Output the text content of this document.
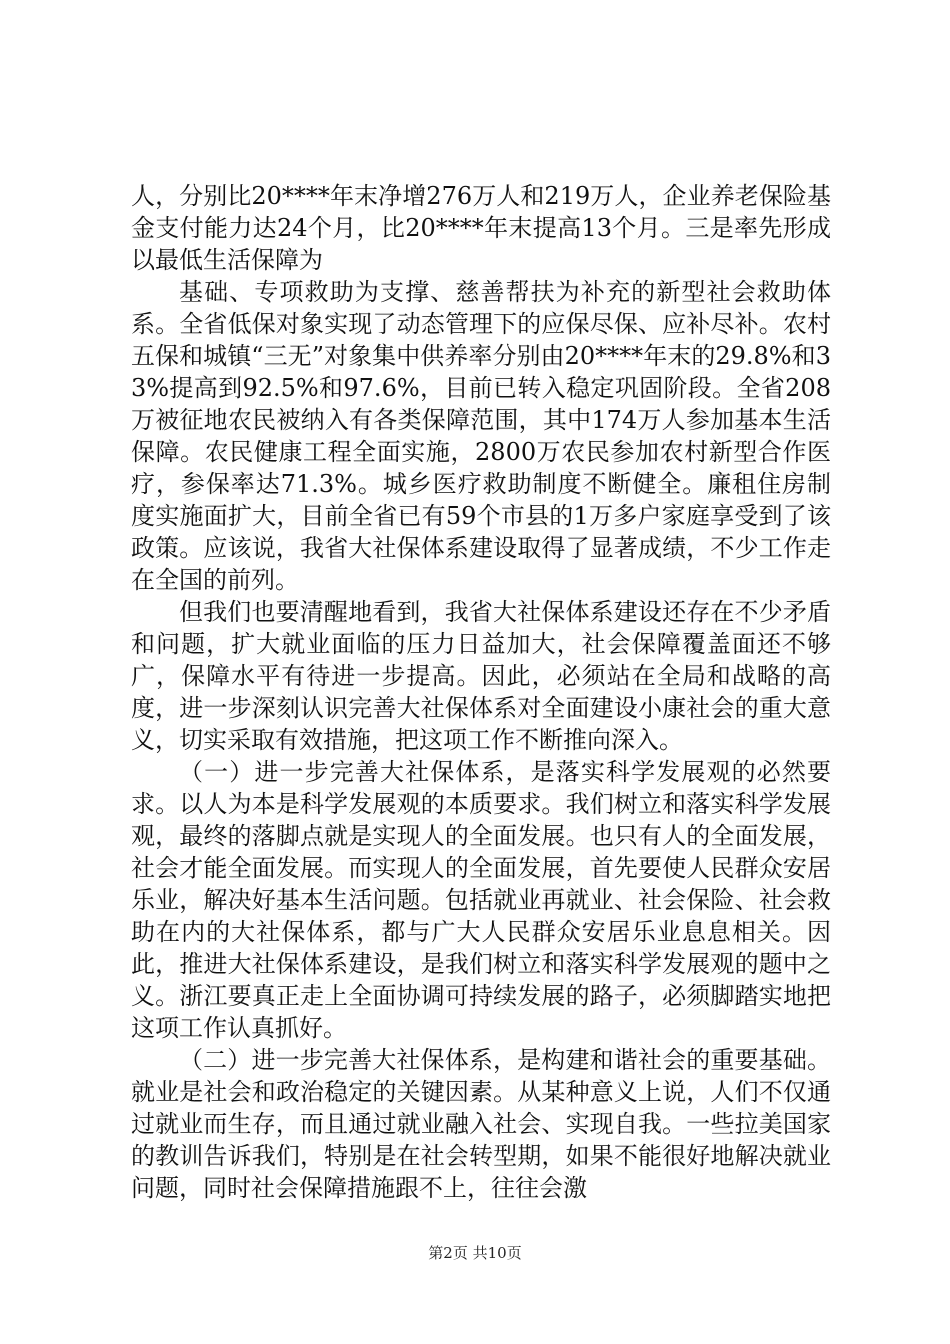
人，分别比20****年末净增276万人和219万人，企业养老保险基金支付能力达24个月，比20****年末提高13个月。三是率先形成以最低生活保障为

基础、专项救助为支撑、慈善帮扶为补充的新型社会救助体系。全省低保对象实现了动态管理下的应保尽保、应补尽补。农村五保和城镇“三无”对象集中供养率分别由20****年末的29.8%和33%提高到92.5%和97.6%，目前已转入稳定巩固阶段。全省208万被征地农民被纳入有各类保障范围，其中174万人参加基本生活保障。农民健康工程全面实施，2800万农民参加农村新型合作医疗，参保率达71.3%。城乡医疗救助制度不断健全。廉租住房制度实施面扩大，目前全省已有59个市县的1万多户家庭享受到了该政策。应该说，我省大社保体系建设取得了显著成绩，不少工作走在全国的前列。

但我们也要清醒地看到，我省大社保体系建设还存在不少矛盾和问题，扩大就业面临的压力日益加大，社会保障覆盖面还不够广，保障水平有待进一步提高。因此，必须站在全局和战略的高度，进一步深刻认识完善大社保体系对全面建设小康社会的重大意义，切实采取有效措施，把这项工作不断推向深入。

（一）进一步完善大社保体系，是落实科学发展观的必然要求。以人为本是科学发展观的本质要求。我们树立和落实科学发展观，最终的落脚点就是实现人的全面发展。也只有人的全面发展，社会才能全面发展。而实现人的全面发展，首先要使人民群众安居乐业，解决好基本生活问题。包括就业再就业、社会保险、社会救助在内的大社保体系，都与广大人民群众安居乐业息息相关。因此，推进大社保体系建设，是我们树立和落实科学发展观的题中之义。浙江要真正走上全面协调可持续发展的路子，必须脚踏实地把这项工作认真抓好。

（二）进一步完善大社保体系，是构建和谐社会的重要基础。就业是社会和政治稳定的关键因素。从某种意义上说，人们不仅通过就业而生存，而且通过就业融入社会、实现自我。一些拉美国家的教训告诉我们，特别是在社会转型期，如果不能很好地解决就业问题，同时社会保障措施跟不上，往往会激

第2页 共10页
